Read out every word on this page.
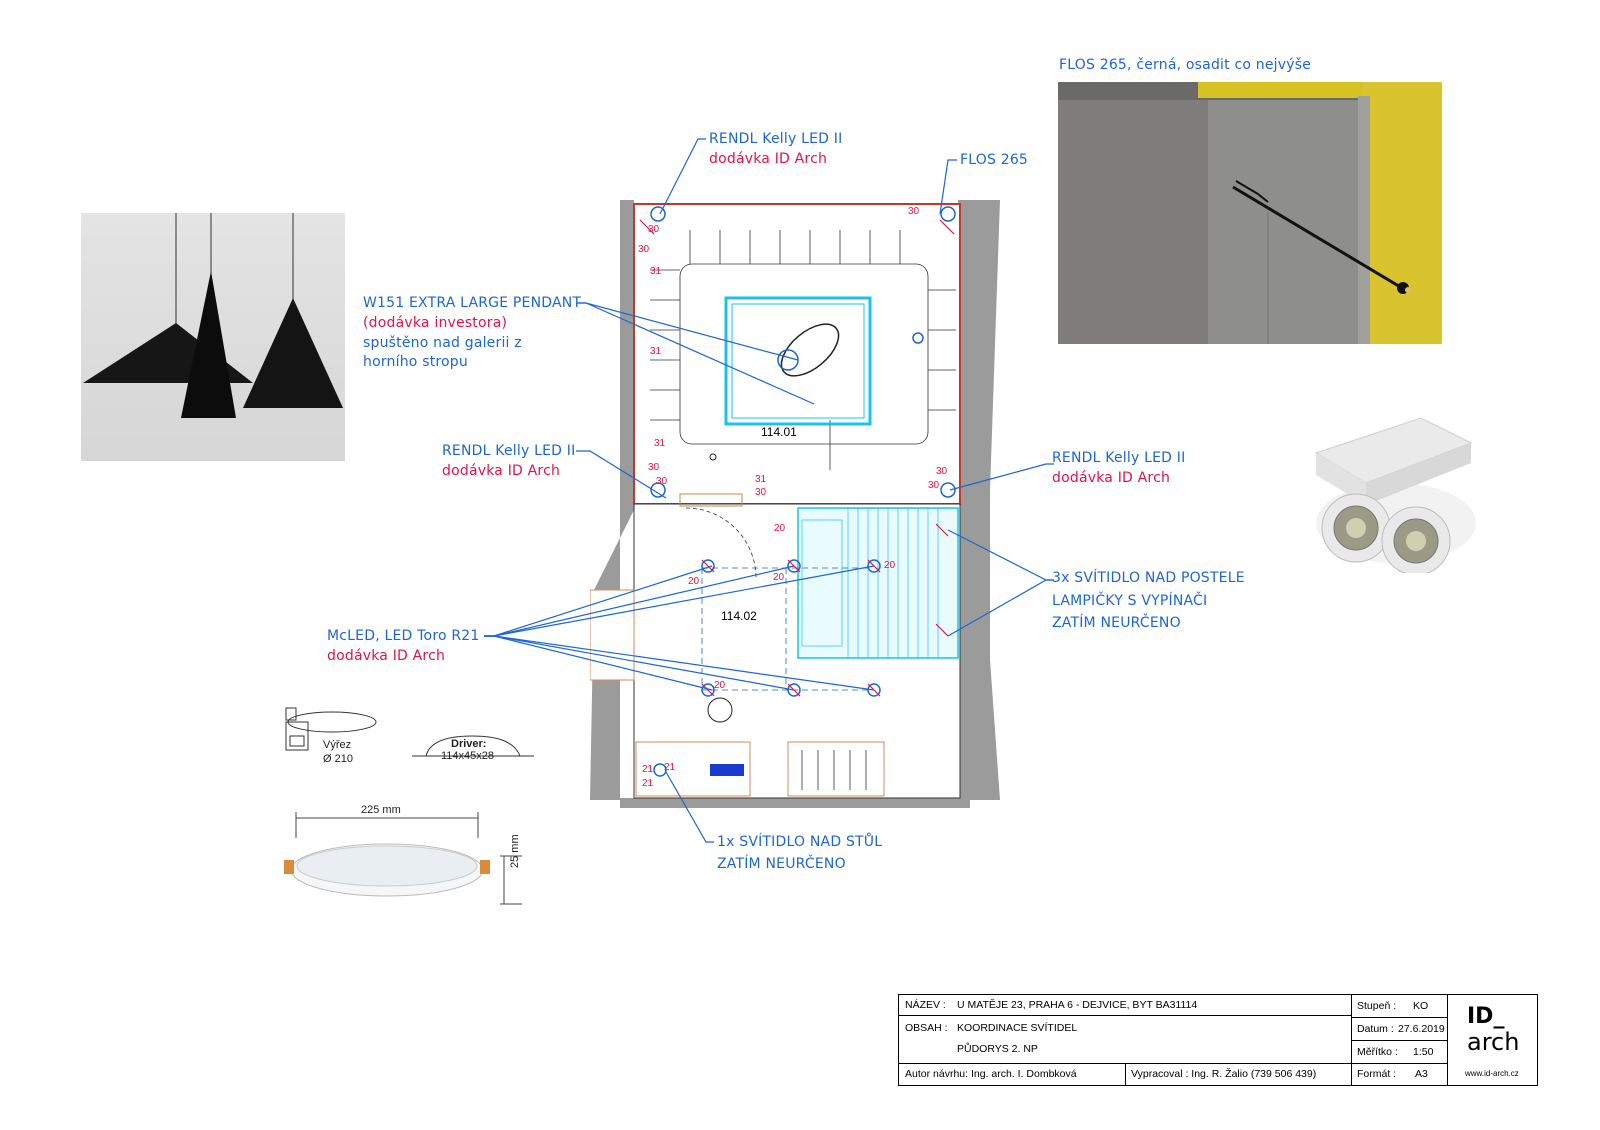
FLOS 265, černá, osadit co nejvýše
114.01
114.02
30
30
31
31
31
30
30
30
30
30
31
30
20
20	20
20
20
21
21
21
RENDL Kelly LED II
dodávka ID Arch	FLOS 265
W151 EXTRA LARGE PENDANT
(dodávka investora)
spuštěno nad galerii z
horního stropu
RENDL Kelly LED II
dodávka ID Arch
RENDL Kelly LED II
dodávka ID Arch
3x SVÍTIDLO NAD POSTELE
LAMPIČKY S VYPÍNAČI
ZATÍM NEURČENO
McLED, LED Toro R21
dodávka ID Arch
1x SVÍTIDLO NAD STŮL
ZATÍM NEURČENO
Výřez
Ø 210
Driver:
114x45x28
225 mm
25 mm
NÁZEV : U MATĚJE 23, PRAHA 6 - DEJVICE, BYT BA31114
OBSAH : KOORDINACE SVÍTIDEL
PŮDORYS 2. NP
Autor návrhu: Ing. arch. I. Dombková	Vypracoval : Ing. R. Žalio (739 506 439)
Stupeň : KO
Datum : 27.6.2019
Měřítko : 1:50
Formát : A3
ID_
arch
www.id-arch.cz
